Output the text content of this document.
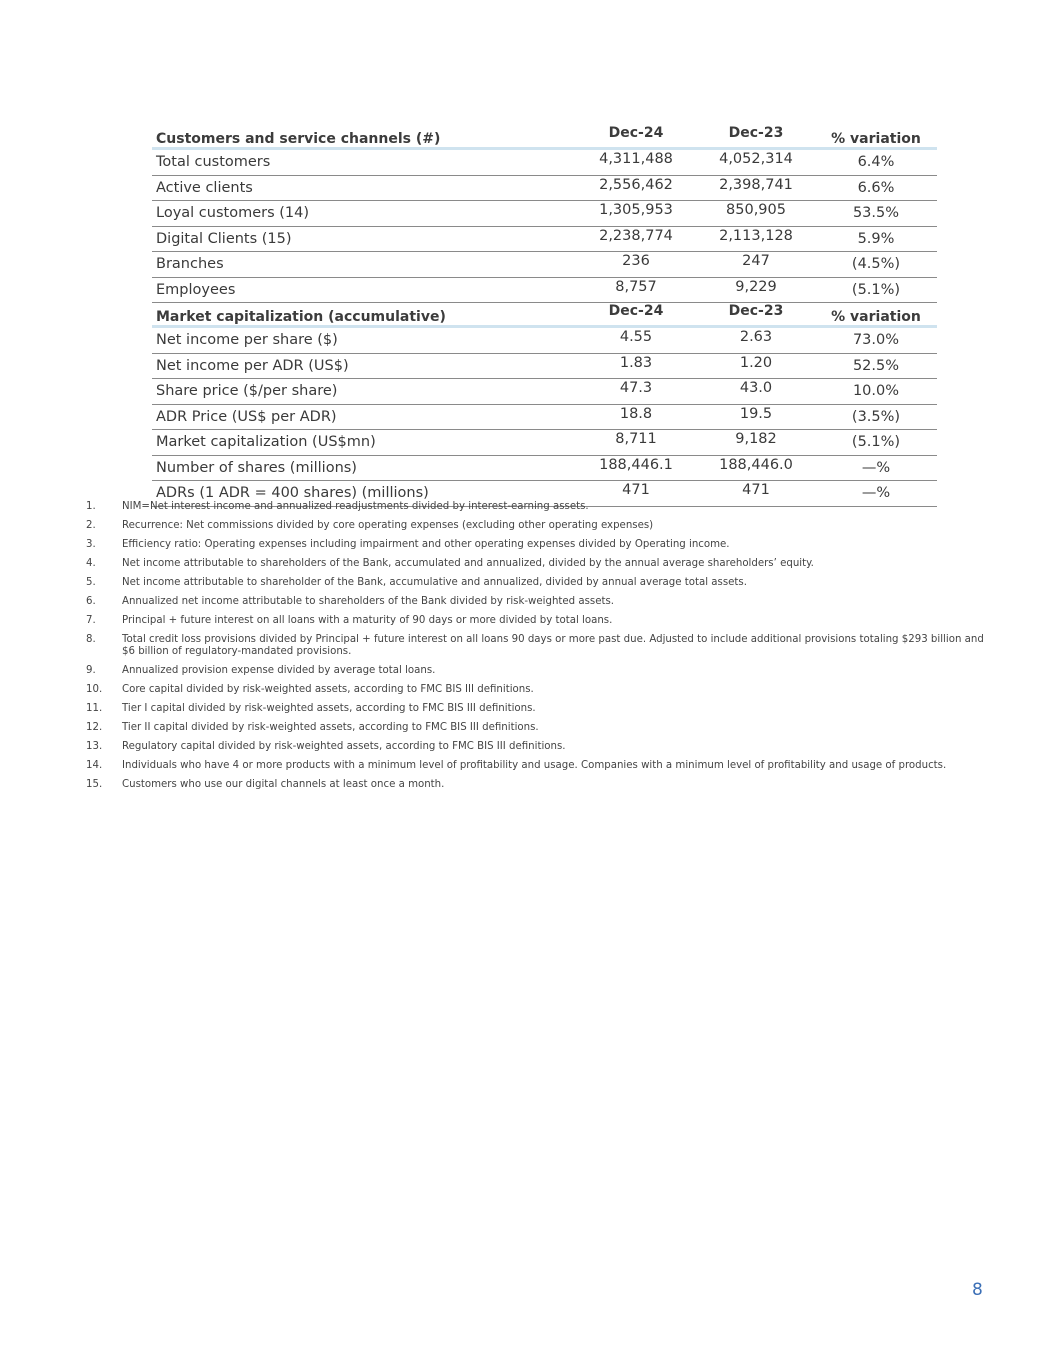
Customers and service channels (#)	Dec-24	Dec-23	% variation
Total customers	4,311,488	4,052,314	6.4%
Active clients	2,556,462	2,398,741	6.6%
Loyal customers (14)	1,305,953	850,905	53.5%
Digital Clients (15)	2,238,774	2,113,128	5.9%
Branches	236	247	(4.5%)
Employees	8,757	9,229	(5.1%)
Market capitalization (accumulative)	Dec-24	Dec-23	% variation
Net income per share ($)	4.55	2.63	73.0%
Net income per ADR (US$)	1.83	1.20	52.5%
Share price ($/per share)	47.3	43.0	10.0%
ADR Price (US$ per ADR)	18.8	19.5	(3.5%)
Market capitalization (US$mn)	8,711	9,182	(5.1%)
Number of shares (millions)	188,446.1	188,446.0	—%
ADRs (1 ADR = 400 shares) (millions)	471	471	—%
1.	NIM=Net interest income and annualized readjustments divided by interest-earning assets.
2.	Recurrence: Net commissions divided by core operating expenses (excluding other operating expenses)
3.	Efficiency ratio: Operating expenses including impairment and other operating expenses divided by Operating income.
4.	Net income attributable to shareholders of the Bank, accumulated and annualized, divided by the annual average shareholders’ equity.
5.	Net income attributable to shareholder of the Bank, accumulative and annualized, divided by annual average total assets.
6.	Annualized net income attributable to shareholders of the Bank divided by risk-weighted assets.
7.	Principal + future interest on all loans with a maturity of 90 days or more divided by total loans.
8.	Total credit loss provisions divided by Principal + future interest on all loans 90 days or more past due. Adjusted to include additional provisions totaling $293 billion and $6 billion of regulatory-mandated provisions.
9.	Annualized provision expense divided by average total loans.
10. Core capital divided by risk-weighted assets, according to FMC BIS III definitions.
11. Tier I capital divided by risk-weighted assets, according to FMC BIS III definitions.
12. Tier II capital divided by risk-weighted assets, according to FMC BIS III definitions.
13. Regulatory capital divided by risk-weighted assets, according to FMC BIS III definitions.
14. Individuals who have 4 or more products with a minimum level of profitability and usage. Companies with a minimum level of profitability and usage of products.
15. Customers who use our digital channels at least once a month.
8
